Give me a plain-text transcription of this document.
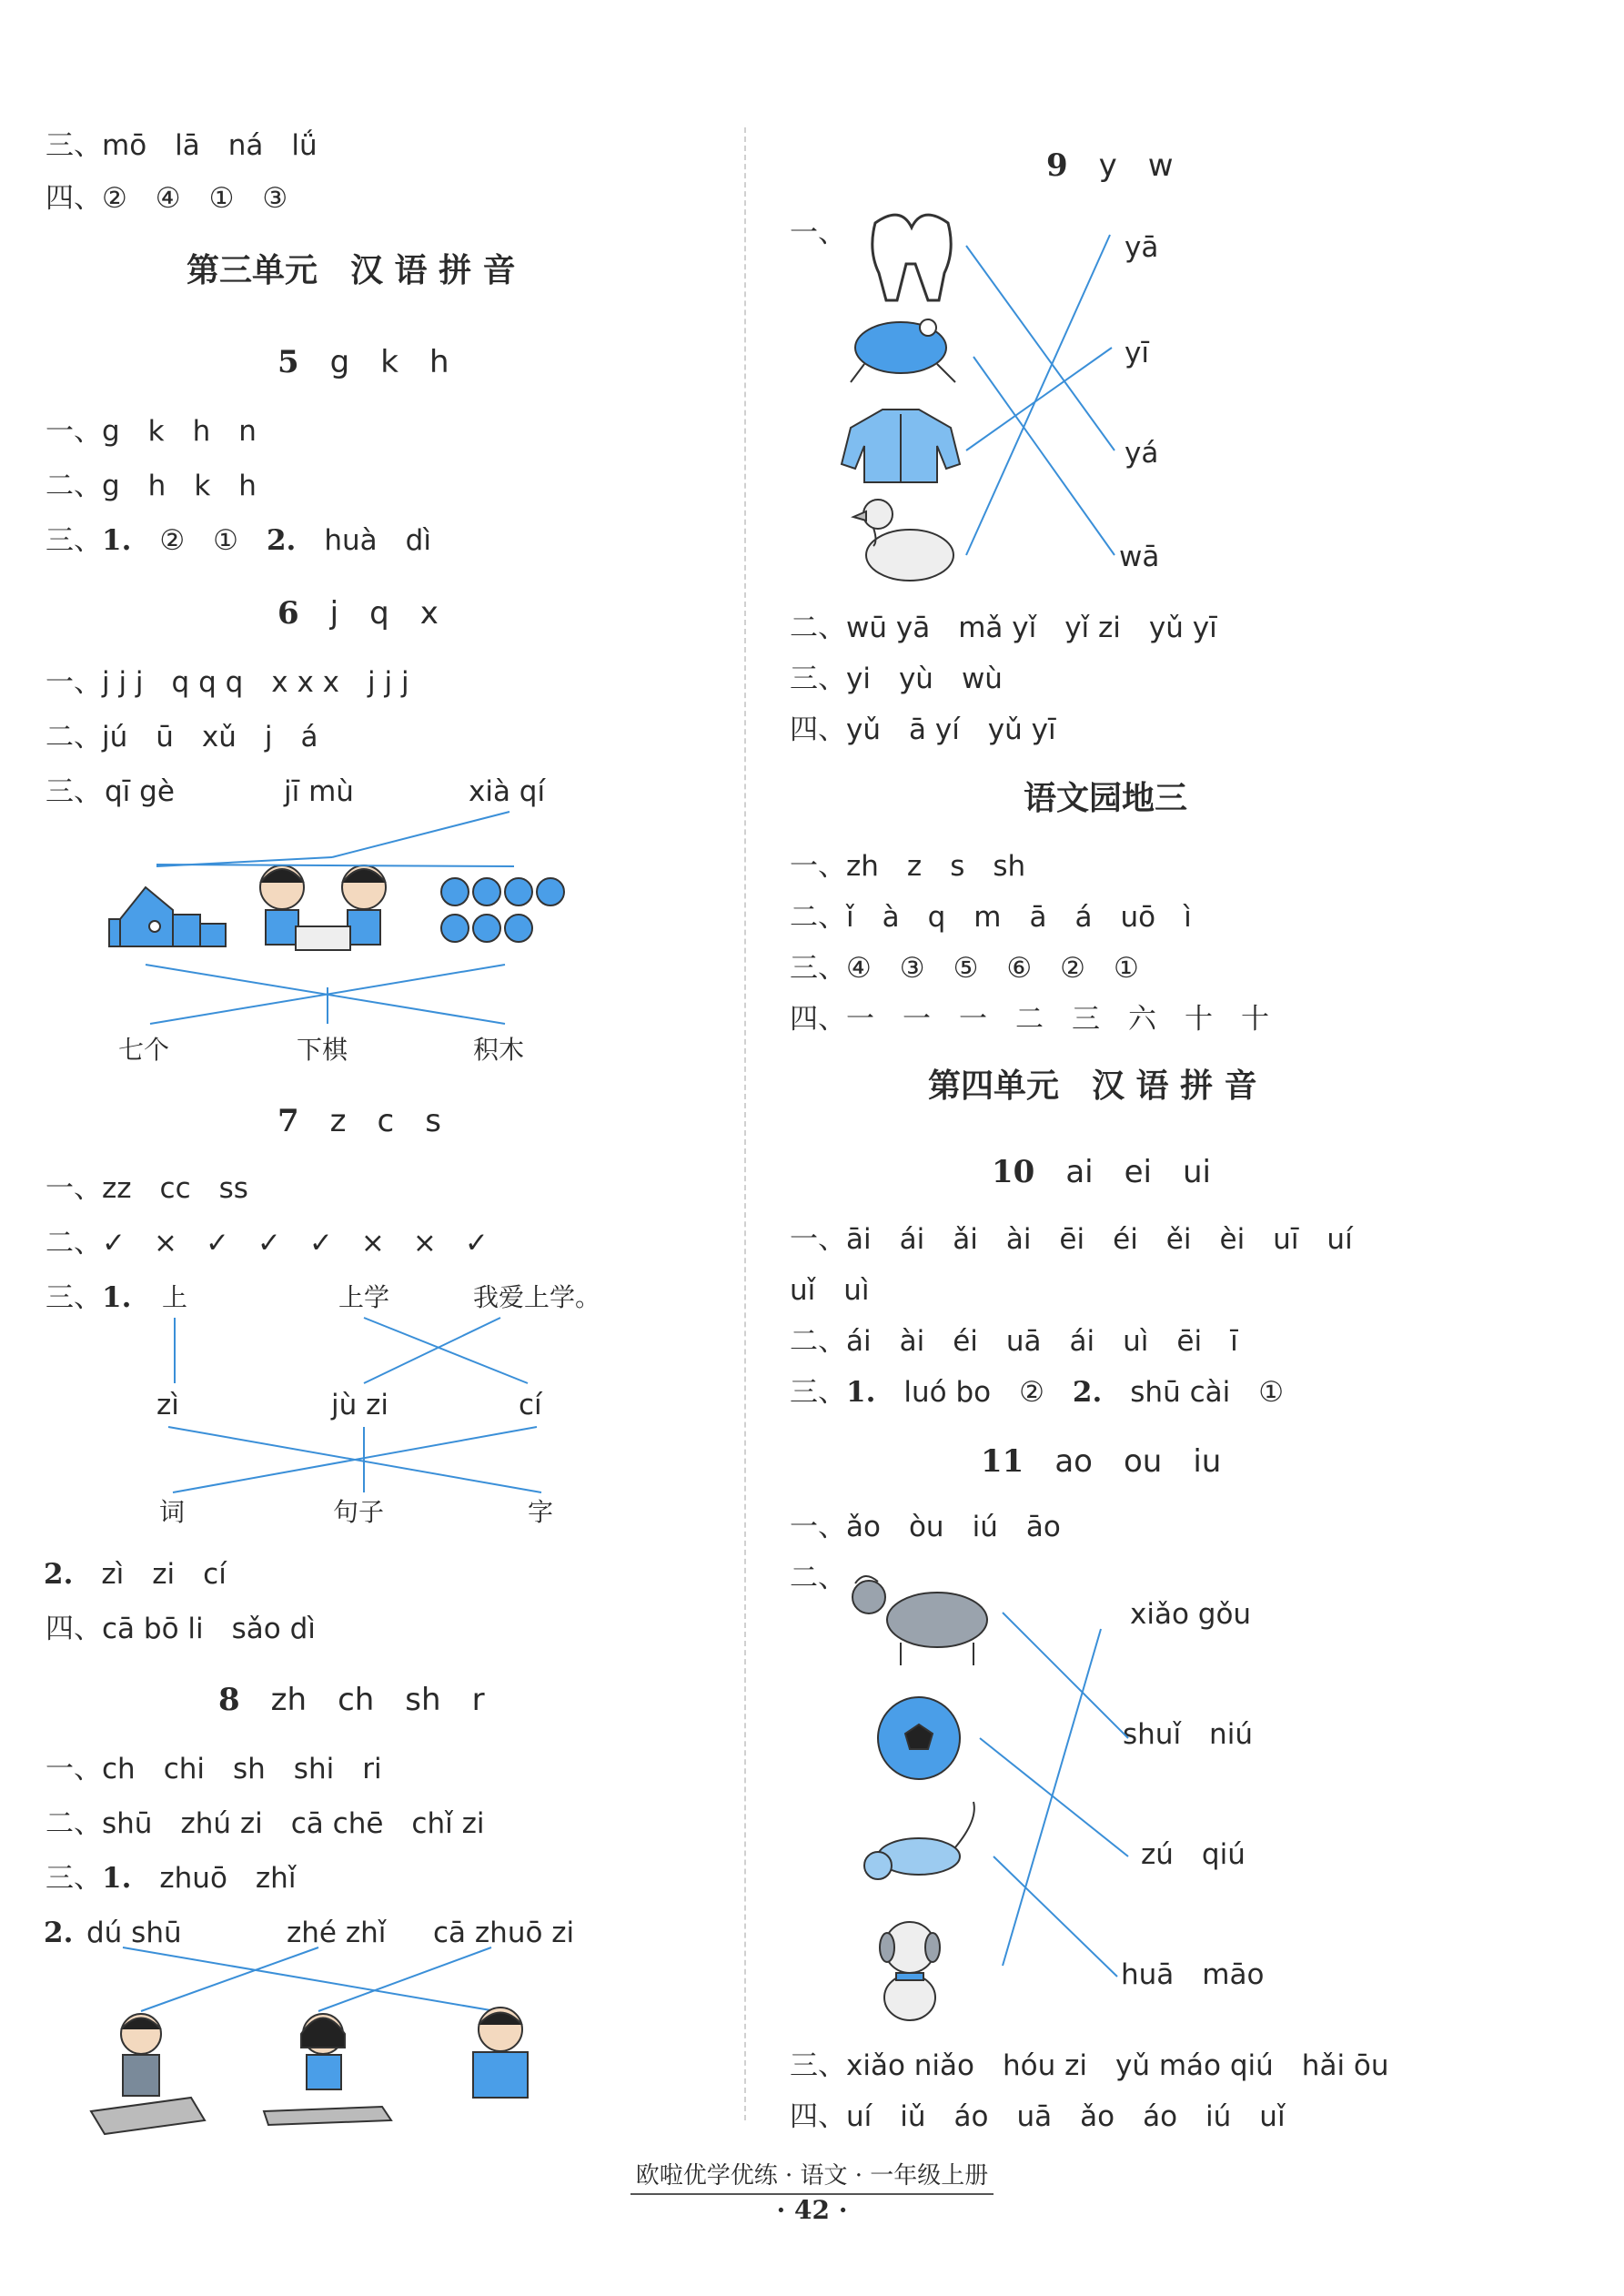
三、mō　lā　ná　lǘ
四、②　④　①　③
第三单元　汉 语 拼 音
5　 g　k　h
一、g　k　h　n
二、g　h　k　h
三、1.　 ②　①　 2.　 huà　dì
6　 j　q　x
一、j j j　q q q　x x x　j j j
二、jú　ū　xǔ　j　á
三、 qī gè	jī mù	xià qí
七个	下棋	积木
7　 z　c　s
一、zz　cc　ss
二、✓　×　✓　✓　✓　×　×　✓
三、1. 上	上学	我爱上学。
zì	jù zi	cí
词	句子	字
2.　 zì　zi　cí
四、cā bō li　sǎo dì
8　 zh　ch　sh　r
一、ch　chi　sh　shi　ri
二、shū　zhú zi　cā chē　chǐ zi
三、1.　 zhuō　zhǐ
2. dú shū	zhé zhǐ cā zhuō zi
9　 y　w
一、	yā
yī
yá
wā
二、wū yā　mǎ yǐ　yǐ zi　yǔ yī
三、yi　yù　wù
四、yǔ　ā yí　yǔ yī
语文园地三
一、zh　z　s　sh
二、ǐ　à　q　m　ā　á　uō　ì
三、④　③　⑤　⑥　②　①
四、一　一　一　二　三　六　十　十
第四单元　汉 语 拼 音
10　 ai　ei　ui
一、āi　ái　ǎi　ài　ēi　éi　ěi　èi　uī　uí
uǐ　uì
二、ái　ài　éi　uā　ái　uì　ēi　ī
三、1.　 luó bo　②　 2.　 shū cài　①
11　 ao　ou　iu
一、ǎo　òu　iú　āo
二、
xiǎo gǒu
shuǐ　niú
zú　qiú
huā　māo
三、xiǎo niǎo　hóu zi　yǔ máo qiú　hǎi ōu
四、uí　iǔ　áo　uā　ǎo　áo　iú　uǐ
欧啦优学优练 · 语文 · 一年级上册
· 42 ·
